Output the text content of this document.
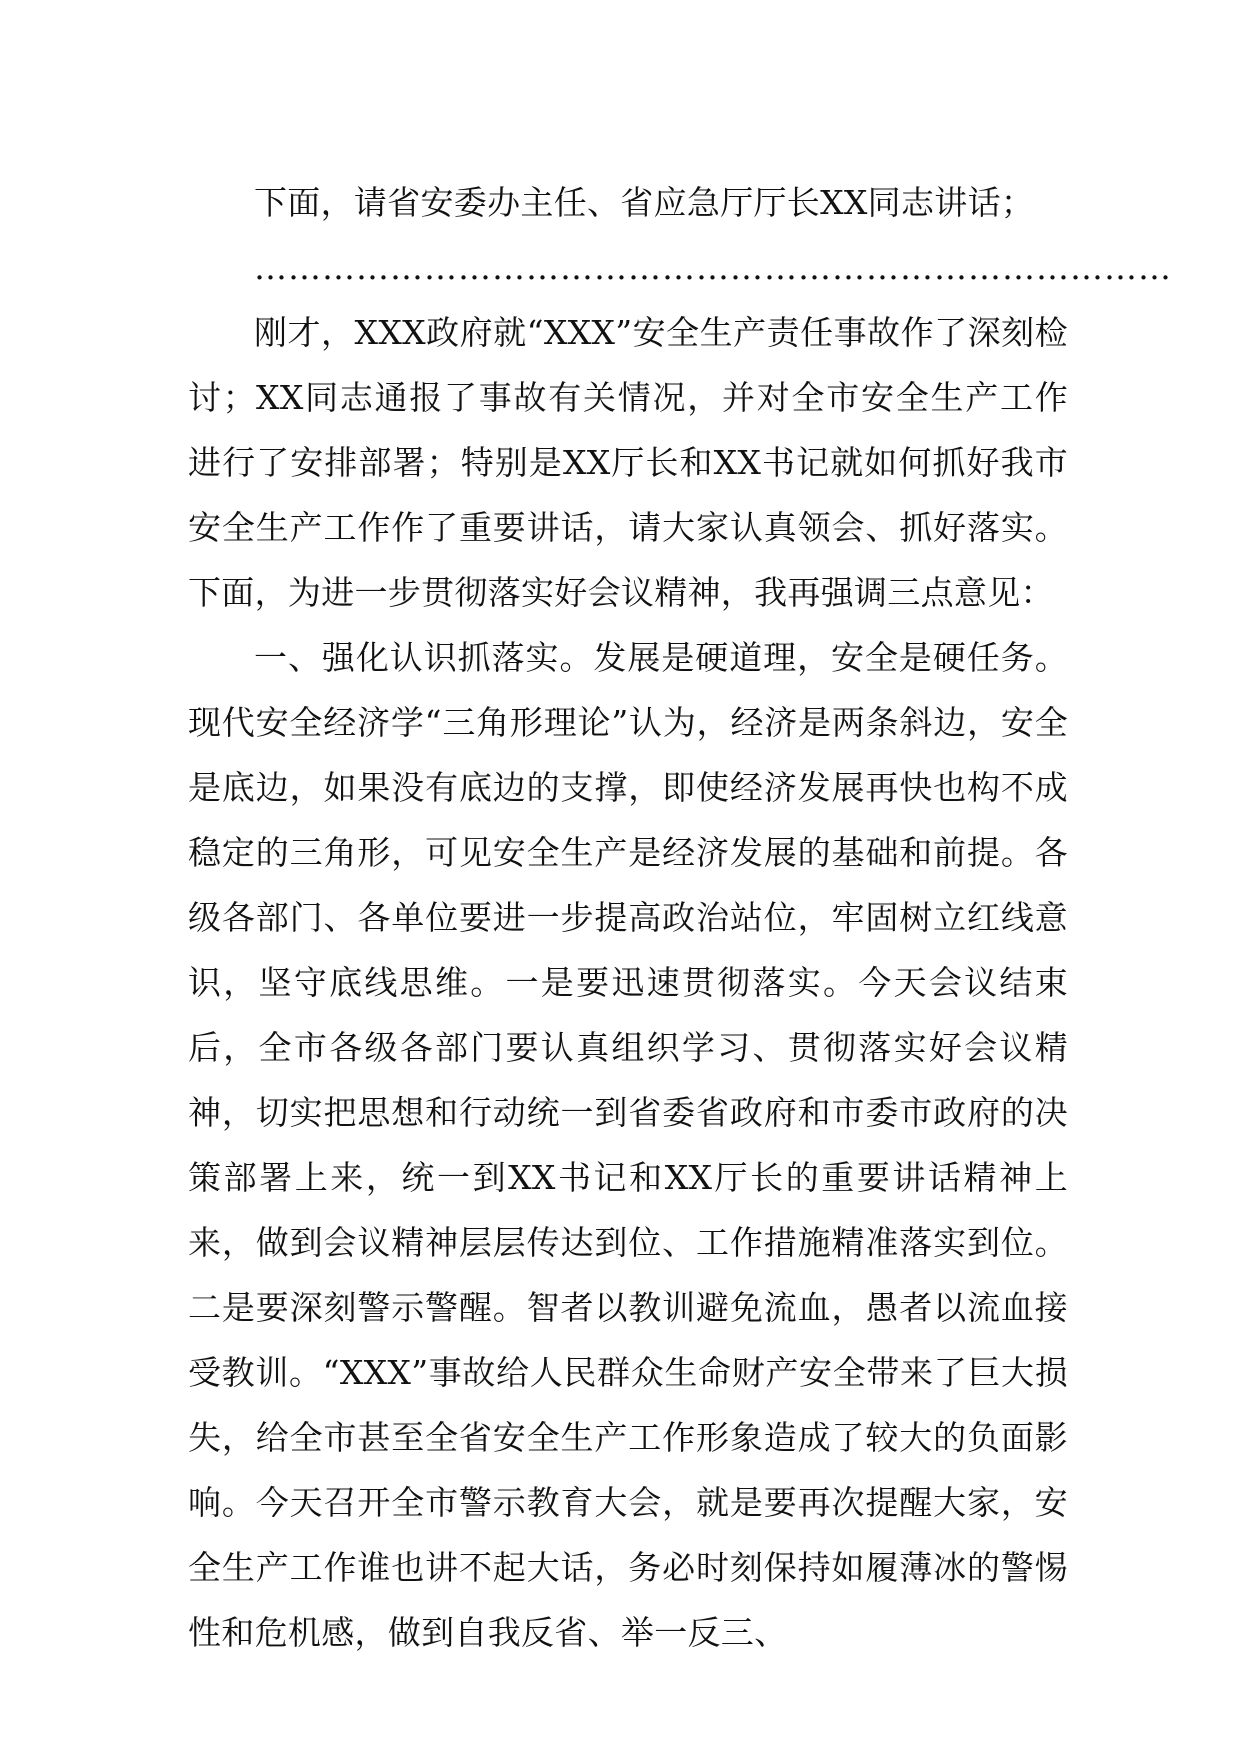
下面，请省安委办主任、省应急厅厅长XX同志讲话；

………………………………………………………………………

刚才，XXX政府就“XXX”安全生产责任事故作了深刻检讨；XX同志通报了事故有关情况，并对全市安全生产工作进行了安排部署；特别是XX厅长和XX书记就如何抓好我市安全生产工作作了重要讲话，请大家认真领会、抓好落实。下面，为进一步贯彻落实好会议精神，我再强调三点意见：

一、强化认识抓落实。发展是硬道理，安全是硬任务。现代安全经济学“三角形理论”认为，经济是两条斜边，安全是底边，如果没有底边的支撑，即使经济发展再快也构不成稳定的三角形，可见安全生产是经济发展的基础和前提。各级各部门、各单位要进一步提高政治站位，牢固树立红线意识，坚守底线思维。一是要迅速贯彻落实。今天会议结束后，全市各级各部门要认真组织学习、贯彻落实好会议精神，切实把思想和行动统一到省委省政府和市委市政府的决策部署上来，统一到XX书记和XX厅长的重要讲话精神上来，做到会议精神层层传达到位、工作措施精准落实到位。二是要深刻警示警醒。智者以教训避免流血，愚者以流血接受教训。“XXX”事故给人民群众生命财产安全带来了巨大损失，给全市甚至全省安全生产工作形象造成了较大的负面影响。今天召开全市警示教育大会，就是要再次提醒大家，安全生产工作谁也讲不起大话，务必时刻保持如履薄冰的警惕性和危机感，做到自我反省、举一反三、
